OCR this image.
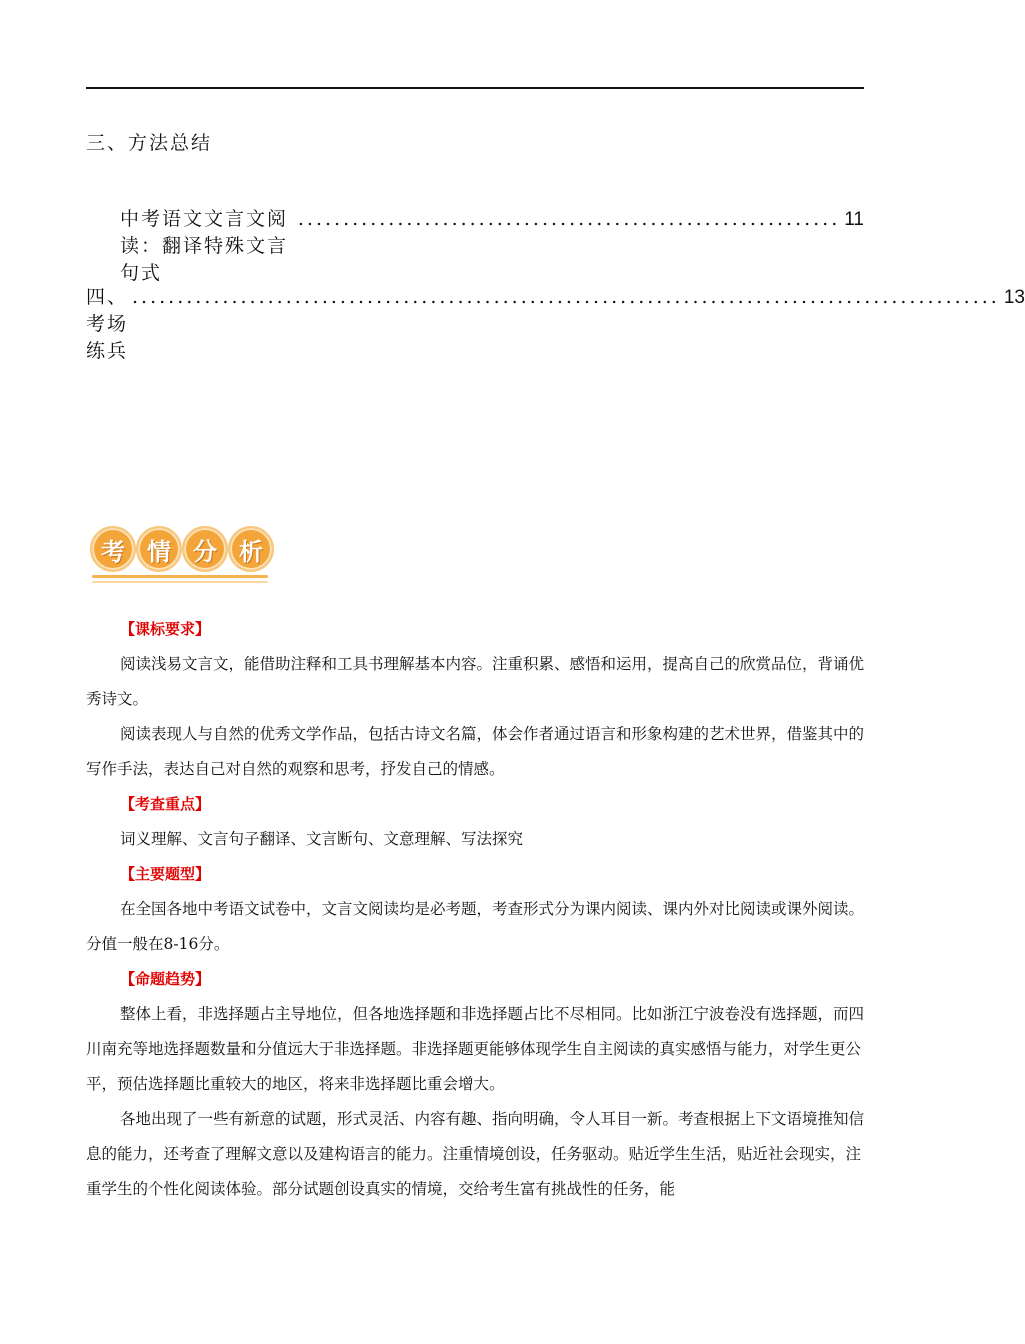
三、方法总结
中考语文文言文阅读：翻译特殊文言句式
............................................................ 11
四、考场练兵
................................................................................................ 13
考 情 分 析
【课标要求】

阅读浅易文言文，能借助注释和工具书理解基本内容。注重积累、感悟和运用，提高自己的欣赏品位，背诵优秀诗文。

阅读表现人与自然的优秀文学作品，包括古诗文名篇，体会作者通过语言和形象构建的艺术世界，借鉴其中的写作手法，表达自己对自然的观察和思考，抒发自己的情感。

【考查重点】

词义理解、文言句子翻译、文言断句、文意理解、写法探究

【主要题型】

在全国各地中考语文试卷中，文言文阅读均是必考题，考查形式分为课内阅读、课内外对比阅读或课外阅读。分值一般在8-16分。

【命题趋势】

整体上看，非选择题占主导地位，但各地选择题和非选择题占比不尽相同。比如浙江宁波卷没有选择题，而四川南充等地选择题数量和分值远大于非选择题。非选择题更能够体现学生自主阅读的真实感悟与能力，对学生更公平，预估选择题比重较大的地区，将来非选择题比重会增大。

各地出现了一些有新意的试题，形式灵活、内容有趣、指向明确，令人耳目一新。考查根据上下文语境推知信息的能力，还考查了理解文意以及建构语言的能力。注重情境创设，任务驱动。贴近学生生活，贴近社会现实，注重学生的个性化阅读体验。部分试题创设真实的情境，交给考生富有挑战性的任务，能
